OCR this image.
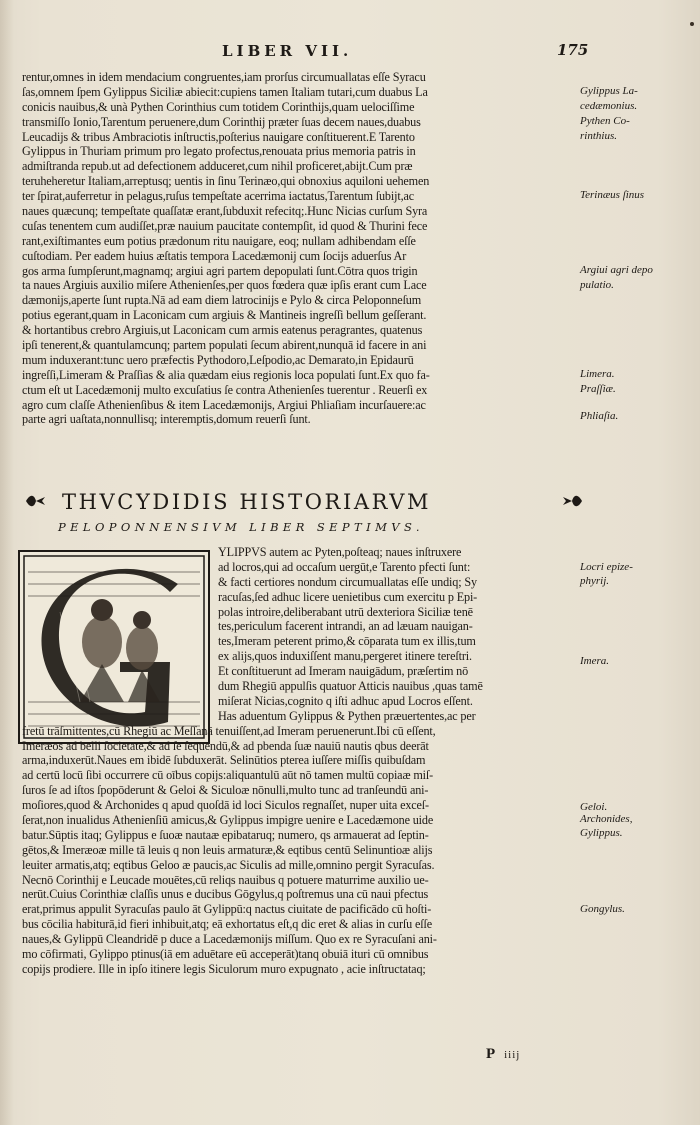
LIBER VII.	175
rentur,omnes in idem mendacium congruentes,iam prorſus circumuallatas eſſe Syracu
ſas,omnem ſpem Gylippus Siciliæ abiecit:cupiens tamen Italiam tutari,cum duabus La
conicis nauibus,& unà Pythen Corinthius cum totidem Corinthijs,quam uelociſſime
transmiſſo Ionio,Tarentum peruenere,dum Corinthij præter ſuas decem naues,duabus
Leucadijs & tribus Ambraciotis inſtructis,poſterius nauigare conſtituerent.E Tarento
Gylippus in Thuriam primum pro legato profectus,renouata prius memoria patris in
admiſtranda repub.ut ad defectionem adduceret,cum nihil proficeret,abijt.Cum præ
teruheheretur Italiam,arreptusq; uentis in ſinu Terinæo,qui obnoxius aquiloni uehemen
ter ſpirat,auferretur in pelagus,ruſus tempeſtate acerrima iactatus,Tarentum ſubijt,ac
naues quæcunq; tempeſtate quaſſatæ erant,ſubduxit refecitq;.Hunc Nicias curſum Syra
cuſas tenentem cum audiſſet,præ nauium paucitate contempſit, id quod & Thurini fece
rant,exiſtimantes eum potius prædonum ritu nauigare, eoq; nullam adhibendam eſſe
cuſtodiam. Per eadem huius æſtatis tempora Lacedæmonij cum ſocijs aduerſus Ar
gos arma ſumpſerunt,magnamq; argiui agri partem depopulati ſunt.Cōtra quos trigin
ta naues Argiuis auxilio miſere Athenienſes,per quos fœdera quæ ipſis erant cum Lace
dæmonijs,aperte ſunt rupta.Nā ad eam diem latrocinijs e Pylo & circa Peloponneſum
potius egerant,quam in Laconicam cum argiuis & Mantineis ingreſſi bellum geſſerant.
& hortantibus crebro Argiuis,ut Laconicam cum armis eatenus peragrantes, quatenus
ipſi tenerent,& quantulamcunq; partem populati ſecum abirent,nunquā id facere in ani
mum induxerant:tunc uero præfectis Pythodoro,Leſpodio,ac Demarato,in Epidaurū
ingreſſi,Limeram & Praſſias & alia quædam eius regionis loca populati ſunt.Ex quo fa-
ctum eſt ut Lacedæmonij multo excuſatius ſe contra Athenienſes tuerentur . Reuerſi ex
agro cum claſſe Athenienſibus & item Lacedæmonijs, Argiui Phliaſiam incurſauere:ac
parte agri uaſtata,nonnullisq; interemptis,domum reuerſi ſunt.
Gylippus La-
cedæmonius.
Pythen Co-
rinthius.
Terinæus ſinus
Argiui agri depo
pulatio.
Limera.
Praſſiæ.
Phliaſia.
THVCYDIDIS HISTORIARVM
PELOPONNENSIVM LIBER SEPTIMVS.
YLIPPVS autem ac Pyten,poſteaq; naues inſtruxere
ad locros,qui ad occaſum uergūt,e Tarento pfecti ſunt:
& facti certiores nondum circumuallatas eſſe undiq; Sy
racuſas,ſed adhuc licere uenietibus cum exercitu p Epi-
polas introire,deliberabant utrū dexteriora Siciliæ tenē
tes,periculum facerent intrandi, an ad læuam nauigan-
tes,Imeram peterent primo,& cōparata tum ex illis,tum
ex alijs,quos induxiſſent manu,pergeret itinere tereſtri.
Et conſtituerunt ad Imeram nauigādum, præſertim nō
dum Rhegiū appulſis quatuor Atticis nauibus ,quas tamē
miſerat Nicias,cognito q iſti adhuc apud Locros eſſent.
Has aduentum Gylippus & Pythen præuertentes,ac per
fretū trāſmittentes,cū Rhegiū ac Meſſanā tenuiſſent,ad Imeram peruenerunt.Ibi cū eſſent,
Imeræos ad belli ſocietatē,& ad ſe ſequendū,& ad pbenda ſuæ nauiū nautis qbus deerāt
arma,induxerūt.Naues em ibidē ſubduxerāt. Selinūtios pterea iuſſere miſſis quibuſdam
ad certū locū ſibi occurrere cū oībus copijs:aliquantulū aūt nō tamen multū copiaæ miſ-
ſuros ſe ad iſtos ſpopōderunt & Geloi & Siculoæ nōnulli,multo tunc ad tranſeundū ani-
moſiores,quod & Archonides q apud quoſdā id loci Siculos regnaſſet, nuper uita exceſ-
ſerat,non inualidus Athenienſiū amicus,& Gylippus impigre uenire e Lacedæmone uide
batur.Sūptis itaq; Gylippus e ſuoæ nautaæ epibataruq; numero, qs armauerat ad ſeptin-
gētos,& Imeræoæ mille tā leuis q non leuis armaturæ,& eqtibus centū Selinuntioæ alijs
leuiter armatis,atq; eqtibus Geloo æ paucis,ac Siculis ad mille,omnino pergit Syracuſas.
Necnō Corinthij e Leucade mouētes,cū reliqs nauibus q potuere maturrime auxilio ue-
nerūt.Cuius Corinthiæ claſſis unus e ducibus Gōgylus,q poſtremus una cū naui pfectus
erat,primus appulit Syracuſas paulo āt Gylippū:q nactus ciuitate de pacificādo cū hoſti-
bus cōcilia habiturā,id fieri inhibuit,atq; eā exhortatus eſt,q dic eret & alias in curſu eſſe
naues,& Gylippū Cleandridē p duce a Lacedæmonijs miſſum. Quo ex re Syracuſani ani-
mo cōfirmati, Gylippo ptinus(iā em aduētare eū acceperāt)tanq obuiā ituri cū omnibus
copijs prodiere. Ille in ipſo itinere legis Siculorum muro expugnato , acie inſtructataq;
Locri epize-
phyrij.
Imera.
Geloi.
Archonides,
Gylippus.
Gongylus.
P iiij
